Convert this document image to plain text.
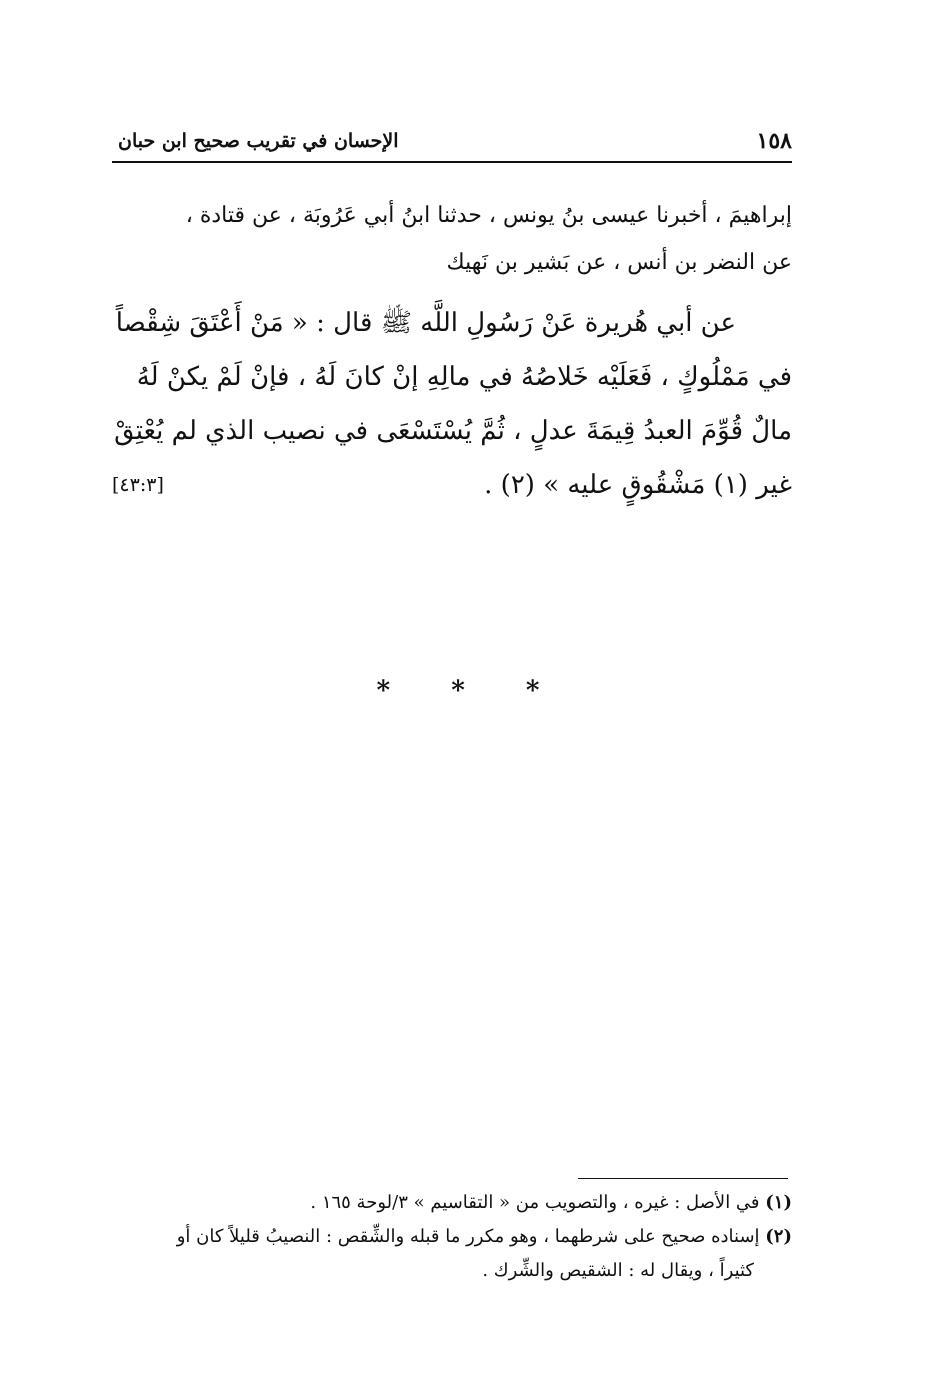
١٥٨
الإحسان في تقريب صحيح ابن حبان
إبراهيمَ ، أخبرنا عيسى بنُ يونس ، حدثنا ابنُ أبي عَرُوبَة ، عن قتادة ،
عن النضر بن أنس ، عن بَشير بن نَهيك
عن أبي هُريرة عَنْ رَسُولِ اللَّه ﷺ قال : « مَنْ أَعْتَقَ شِقْصاً
في مَمْلُوكٍ ، فَعَلَيْه خَلاصُهُ في مالِهِ إنْ كانَ لَهُ ، فإنْ لَمْ يكنْ لَهُ
مالٌ قُوِّمَ العبدُ قِيمَةَ عدلٍ ، ثُمَّ يُسْتَسْعَى في نصيب الذي لم يُعْتِقْ
غير (١) مَشْقُوقٍ عليه » (٢) .
[٤٣:٣]
* * *
(١) في الأصل : غيره ، والتصويب من « التقاسيم » ٣/لوحة ١٦٥ .
(٢) إسناده صحيح على شرطهما ، وهو مكرر ما قبله والشِّقص : النصيبُ قليلاً كان أو
كثيراً ، ويقال له : الشقيص والشِّرك .
